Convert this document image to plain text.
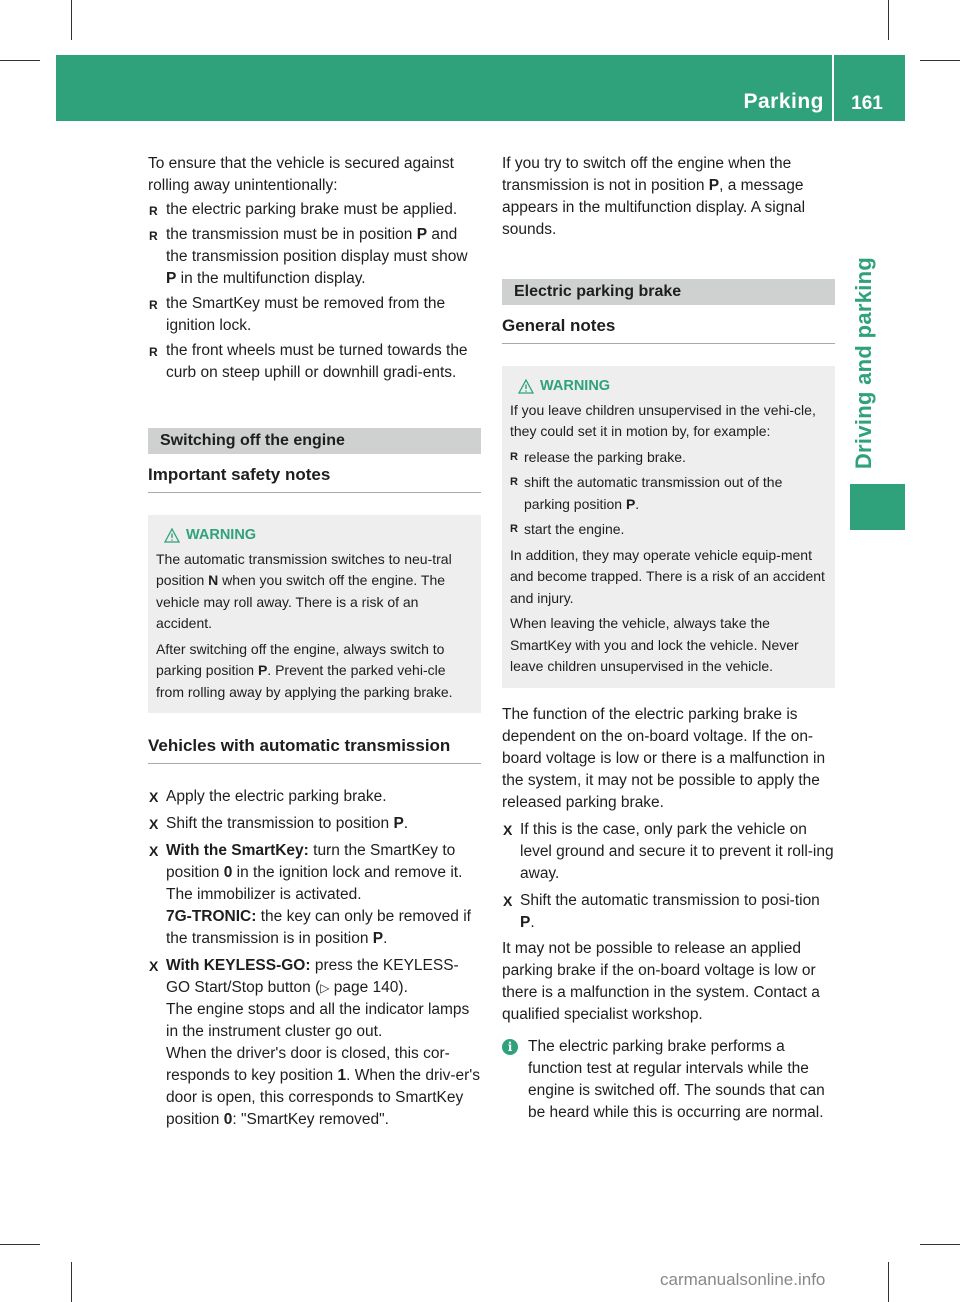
Parking	161
Driving and parking

To ensure that the vehicle is secured against rolling away unintentionally:

R the electric parking brake must be applied.
R the transmission must be in position P and the transmission position display must show P in the multifunction display.
R the SmartKey must be removed from the ignition lock.
R the front wheels must be turned towards the curb on steep uphill or downhill gradi-ents.
Switching off the engine
Important safety notes
WARNING

The automatic transmission switches to neu-tral position N when you switch off the engine. The vehicle may roll away. There is a risk of an accident.

After switching off the engine, always switch to parking position P. Prevent the parked vehi-cle from rolling away by applying the parking brake.

Vehicles with automatic transmission
X Apply the electric parking brake.
X Shift the transmission to position P.
X With the SmartKey: turn the SmartKey to position 0 in the ignition lock and remove it. The immobilizer is activated.

7G-TRONIC: the key can only be removed if the transmission is in position P.

X With KEYLESS-GO: press the KEYLESS-GO Start/Stop button (▷ page 140).

The engine stops and all the indicator lamps in the instrument cluster go out.

When the driver's door is closed, this cor-responds to key position 1. When the driv-er's door is open, this corresponds to SmartKey position 0: "SmartKey removed".

If you try to switch off the engine when the transmission is not in position P, a message appears in the multifunction display. A signal sounds.

Electric parking brake
General notes
WARNING

If you leave children unsupervised in the vehi-cle, they could set it in motion by, for example:

R release the parking brake.
R shift the automatic transmission out of the parking position P.
R start the engine.

In addition, they may operate vehicle equip-ment and become trapped. There is a risk of an accident and injury.

When leaving the vehicle, always take the SmartKey with you and lock the vehicle. Never leave children unsupervised in the vehicle.

The function of the electric parking brake is dependent on the on-board voltage. If the on-board voltage is low or there is a malfunction in the system, it may not be possible to apply the released parking brake.

X If this is the case, only park the vehicle on level ground and secure it to prevent it roll-ing away.
X Shift the automatic transmission to posi-tion P.

It may not be possible to release an applied parking brake if the on-board voltage is low or there is a malfunction in the system. Contact a qualified specialist workshop.

i	The electric parking brake performs a function test at regular intervals while the engine is switched off. The sounds that can be heard while this is occurring are normal.
carmanualsonline.info
